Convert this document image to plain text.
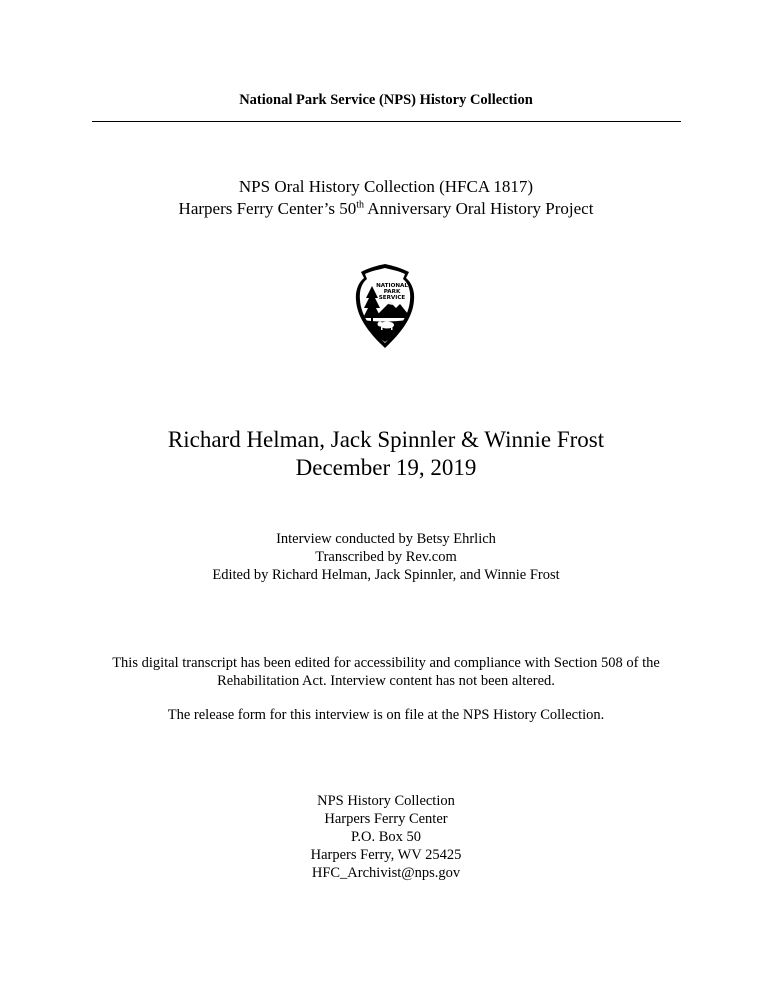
National Park Service (NPS) History Collection
NPS Oral History Collection (HFCA 1817)
Harpers Ferry Center’s 50th Anniversary Oral History Project
NATIONAL
PARK
SERVICE
Richard Helman, Jack Spinnler & Winnie Frost
December 19, 2019
Interview conducted by Betsy Ehrlich
Transcribed by Rev.com
Edited by Richard Helman, Jack Spinnler, and Winnie Frost
This digital transcript has been edited for accessibility and compliance with Section 508 of the
Rehabilitation Act. Interview content has not been altered.
The release form for this interview is on file at the NPS History Collection.
NPS History Collection
Harpers Ferry Center
P.O. Box 50
Harpers Ferry, WV 25425
HFC_Archivist@nps.gov
